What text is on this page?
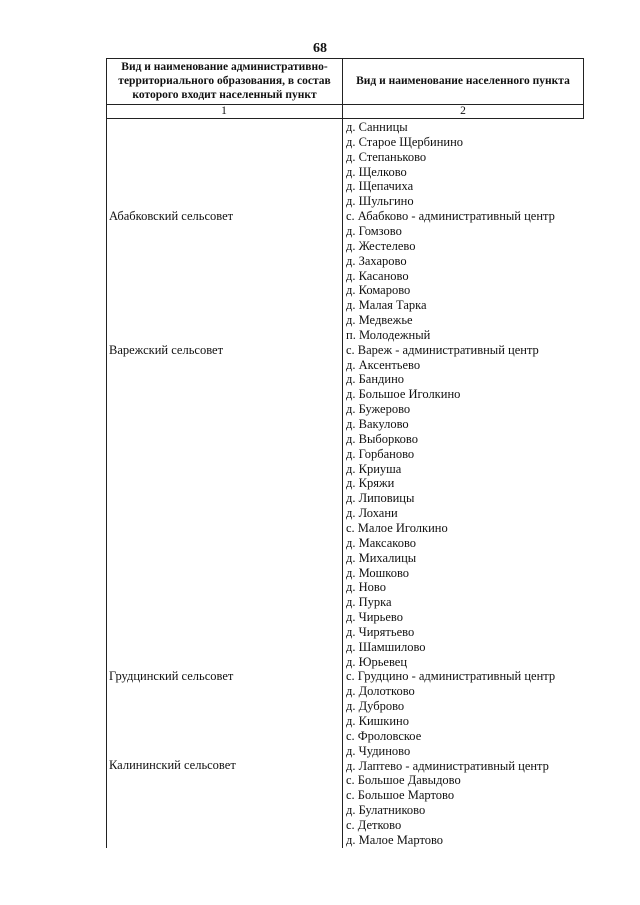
68
Вид и наименование административно-территориального образования, в состав которого входит населенный пункт
Вид и наименование населенного пункта
1	2
Абабковский сельсовет
Варежский сельсовет
Грудцинский сельсовет
Калининский сельсовет
д. Санницы
д. Старое Щербинино
д. Степаньково
д. Щелково
д. Щепачиха
д. Шульгино
с. Абабково - административный центр
д. Гомзово
д. Жестелево
д. Захарово
д. Касаново
д. Комарово
д. Малая Тарка
д. Медвежье
п. Молодежный
с. Вареж - административный центр
д. Аксентьево
д. Бандино
д. Большое Иголкино
д. Бужерово
д. Вакулово
д. Выборково
д. Горбаново
д. Криуша
д. Кряжи
д. Липовицы
д. Лохани
с. Малое Иголкино
д. Максаково
д. Михалицы
д. Мошково
д. Ново
д. Пурка
д. Чирьево
д. Чирятьево
д. Шамшилово
д. Юрьевец
с. Грудцино - административный центр
д. Долотково
д. Дуброво
д. Кишкино
с. Фроловское
д. Чудиново
д. Лаптево - административный центр
с. Большое Давыдово
с. Большое Мартово
д. Булатниково
с. Детково
д. Малое Мартово
